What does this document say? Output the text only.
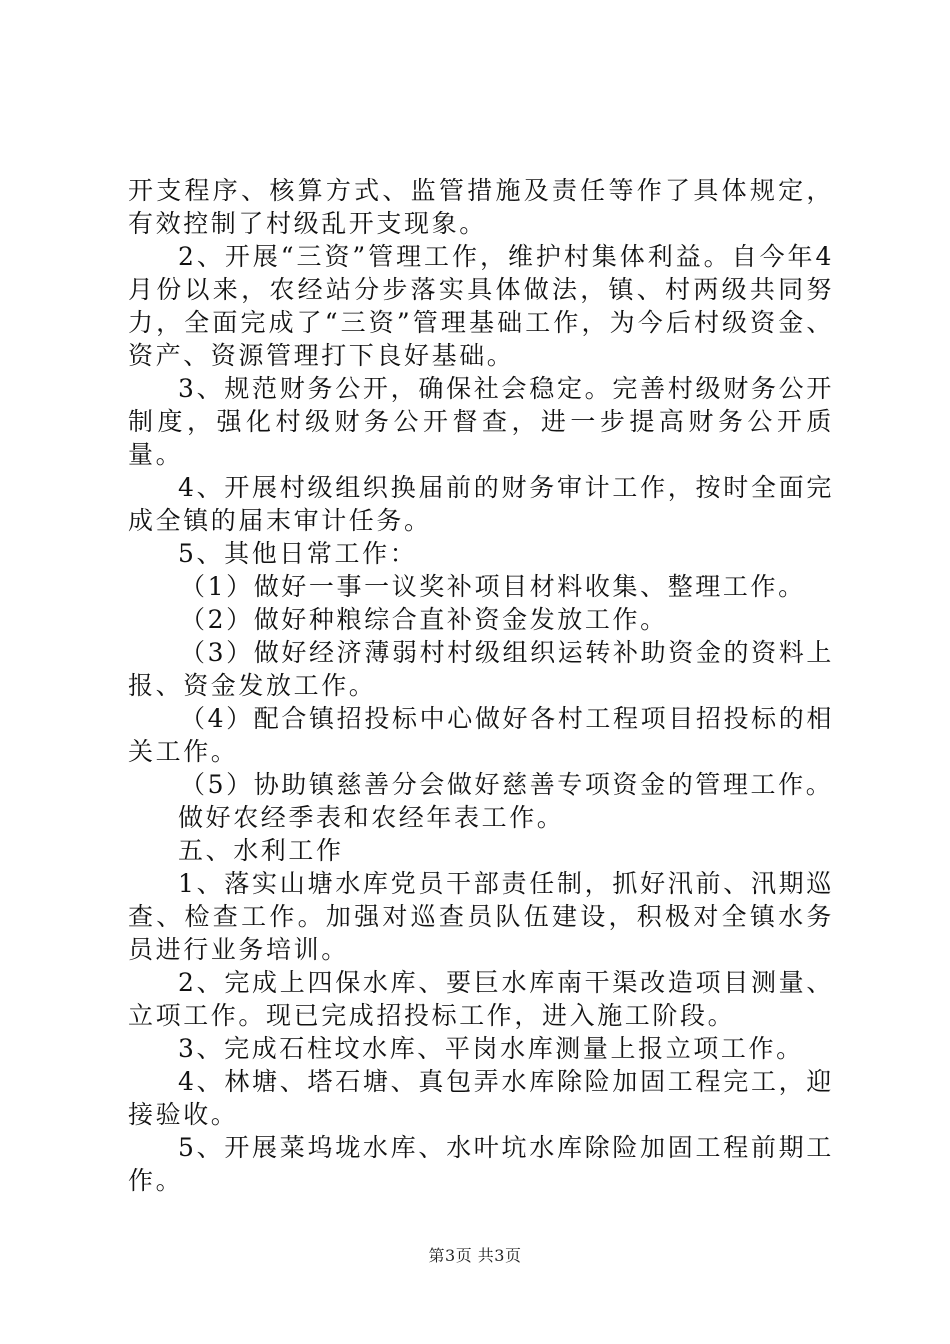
开支程序、核算方式、监管措施及责任等作了具体规定，有效控制了村级乱开支现象。

2、开展“三资”管理工作，维护村集体利益。自今年4月份以来，农经站分步落实具体做法，镇、村两级共同努力，全面完成了“三资”管理基础工作，为今后村级资金、资产、资源管理打下良好基础。

3、规范财务公开，确保社会稳定。完善村级财务公开制度，强化村级财务公开督查，进一步提高财务公开质量。

4、开展村级组织换届前的财务审计工作，按时全面完成全镇的届末审计任务。

5、其他日常工作：

（1）做好一事一议奖补项目材料收集、整理工作。

（2）做好种粮综合直补资金发放工作。

（3）做好经济薄弱村村级组织运转补助资金的资料上报、资金发放工作。

（4）配合镇招投标中心做好各村工程项目招投标的相关工作。

（5）协助镇慈善分会做好慈善专项资金的管理工作。

做好农经季表和农经年表工作。

五、水利工作

1、落实山塘水库党员干部责任制，抓好汛前、汛期巡查、检查工作。加强对巡查员队伍建设，积极对全镇水务员进行业务培训。

2、完成上四保水库、要巨水库南干渠改造项目测量、立项工作。现已完成招投标工作，进入施工阶段。

3、完成石柱坟水库、平岗水库测量上报立项工作。

4、林塘、塔石塘、真包弄水库除险加固工程完工，迎接验收。

5、开展菜坞垅水库、水叶坑水库除险加固工程前期工作。

第3页 共3页
